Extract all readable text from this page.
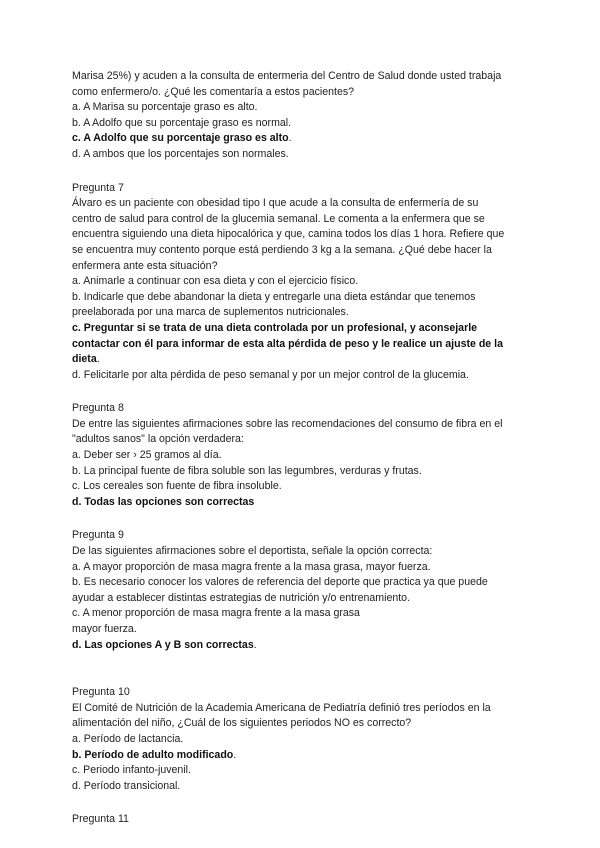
Marisa 25%) y acuden a la consulta de entermeria del Centro de Salud donde usted trabaja
como enfermero/o. ¿Qué les comentaría a estos pacientes?
a. A Marisa su porcentaje graso es alto.
b. A Adolfo que su porcentaje graso es normal.
c. A Adolfo que su porcentaje graso es alto.
d. A ambos que los porcentajes son normales.
Pregunta 7
Álvaro es un paciente con obesidad tipo I que acude a la consulta de enfermería de su
centro de salud para control de la glucemia semanal. Le comenta a la enfermera que se
encuentra siguiendo una dieta hipocalórica y que, camina todos los días 1 hora. Refiere que
se encuentra muy contento porque está perdiendo 3 kg a la semana. ¿Qué debe hacer la
enfermera ante esta situación?
a. Animarle a continuar con esa dieta y con el ejercicio físico.
b. Indicarle que debe abandonar la dieta y entregarle una dieta estándar que tenemos
preelaborada por una marca de suplementos nutricionales.
c. Preguntar si se trata de una dieta controlada por un profesional, y aconsejarle
contactar con él para informar de esta alta pérdida de peso y le realice un ajuste de la
dieta.
d. Felicitarle por alta pérdida de peso semanal y por un mejor control de la glucemia.
Pregunta 8
De entre las siguientes afirmaciones sobre las recomendaciones del consumo de fibra en el
"adultos sanos" la opción verdadera:
a. Deber ser › 25 gramos al día.
b. La principal fuente de fibra soluble son las legumbres, verduras y frutas.
c. Los cereales son fuente de fibra insoluble.
d. Todas las opciones son correctas
Pregunta 9
De las siguientes afirmaciones sobre el deportista, señale la opción correcta:
a. A mayor proporción de masa magra frente a la masa grasa, mayor fuerza.
b. Es necesario conocer los valores de referencia del deporte que practica ya que puede
ayudar a establecer distintas estrategias de nutrición y/o entrenamiento.
c. A menor proporción de masa magra frente a la masa grasa
mayor fuerza.
d. Las opciones A y B son correctas.
Pregunta 10
El Comité de Nutrición de la Academia Americana de Pediatría definió tres períodos en la
alimentación del niño, ¿Cuál de los siguientes periodos NO es correcto?
a. Período de lactancia.
b. Período de adulto modificado.
c. Periodo infanto-juvenil.
d. Período transicional.
Pregunta 11
